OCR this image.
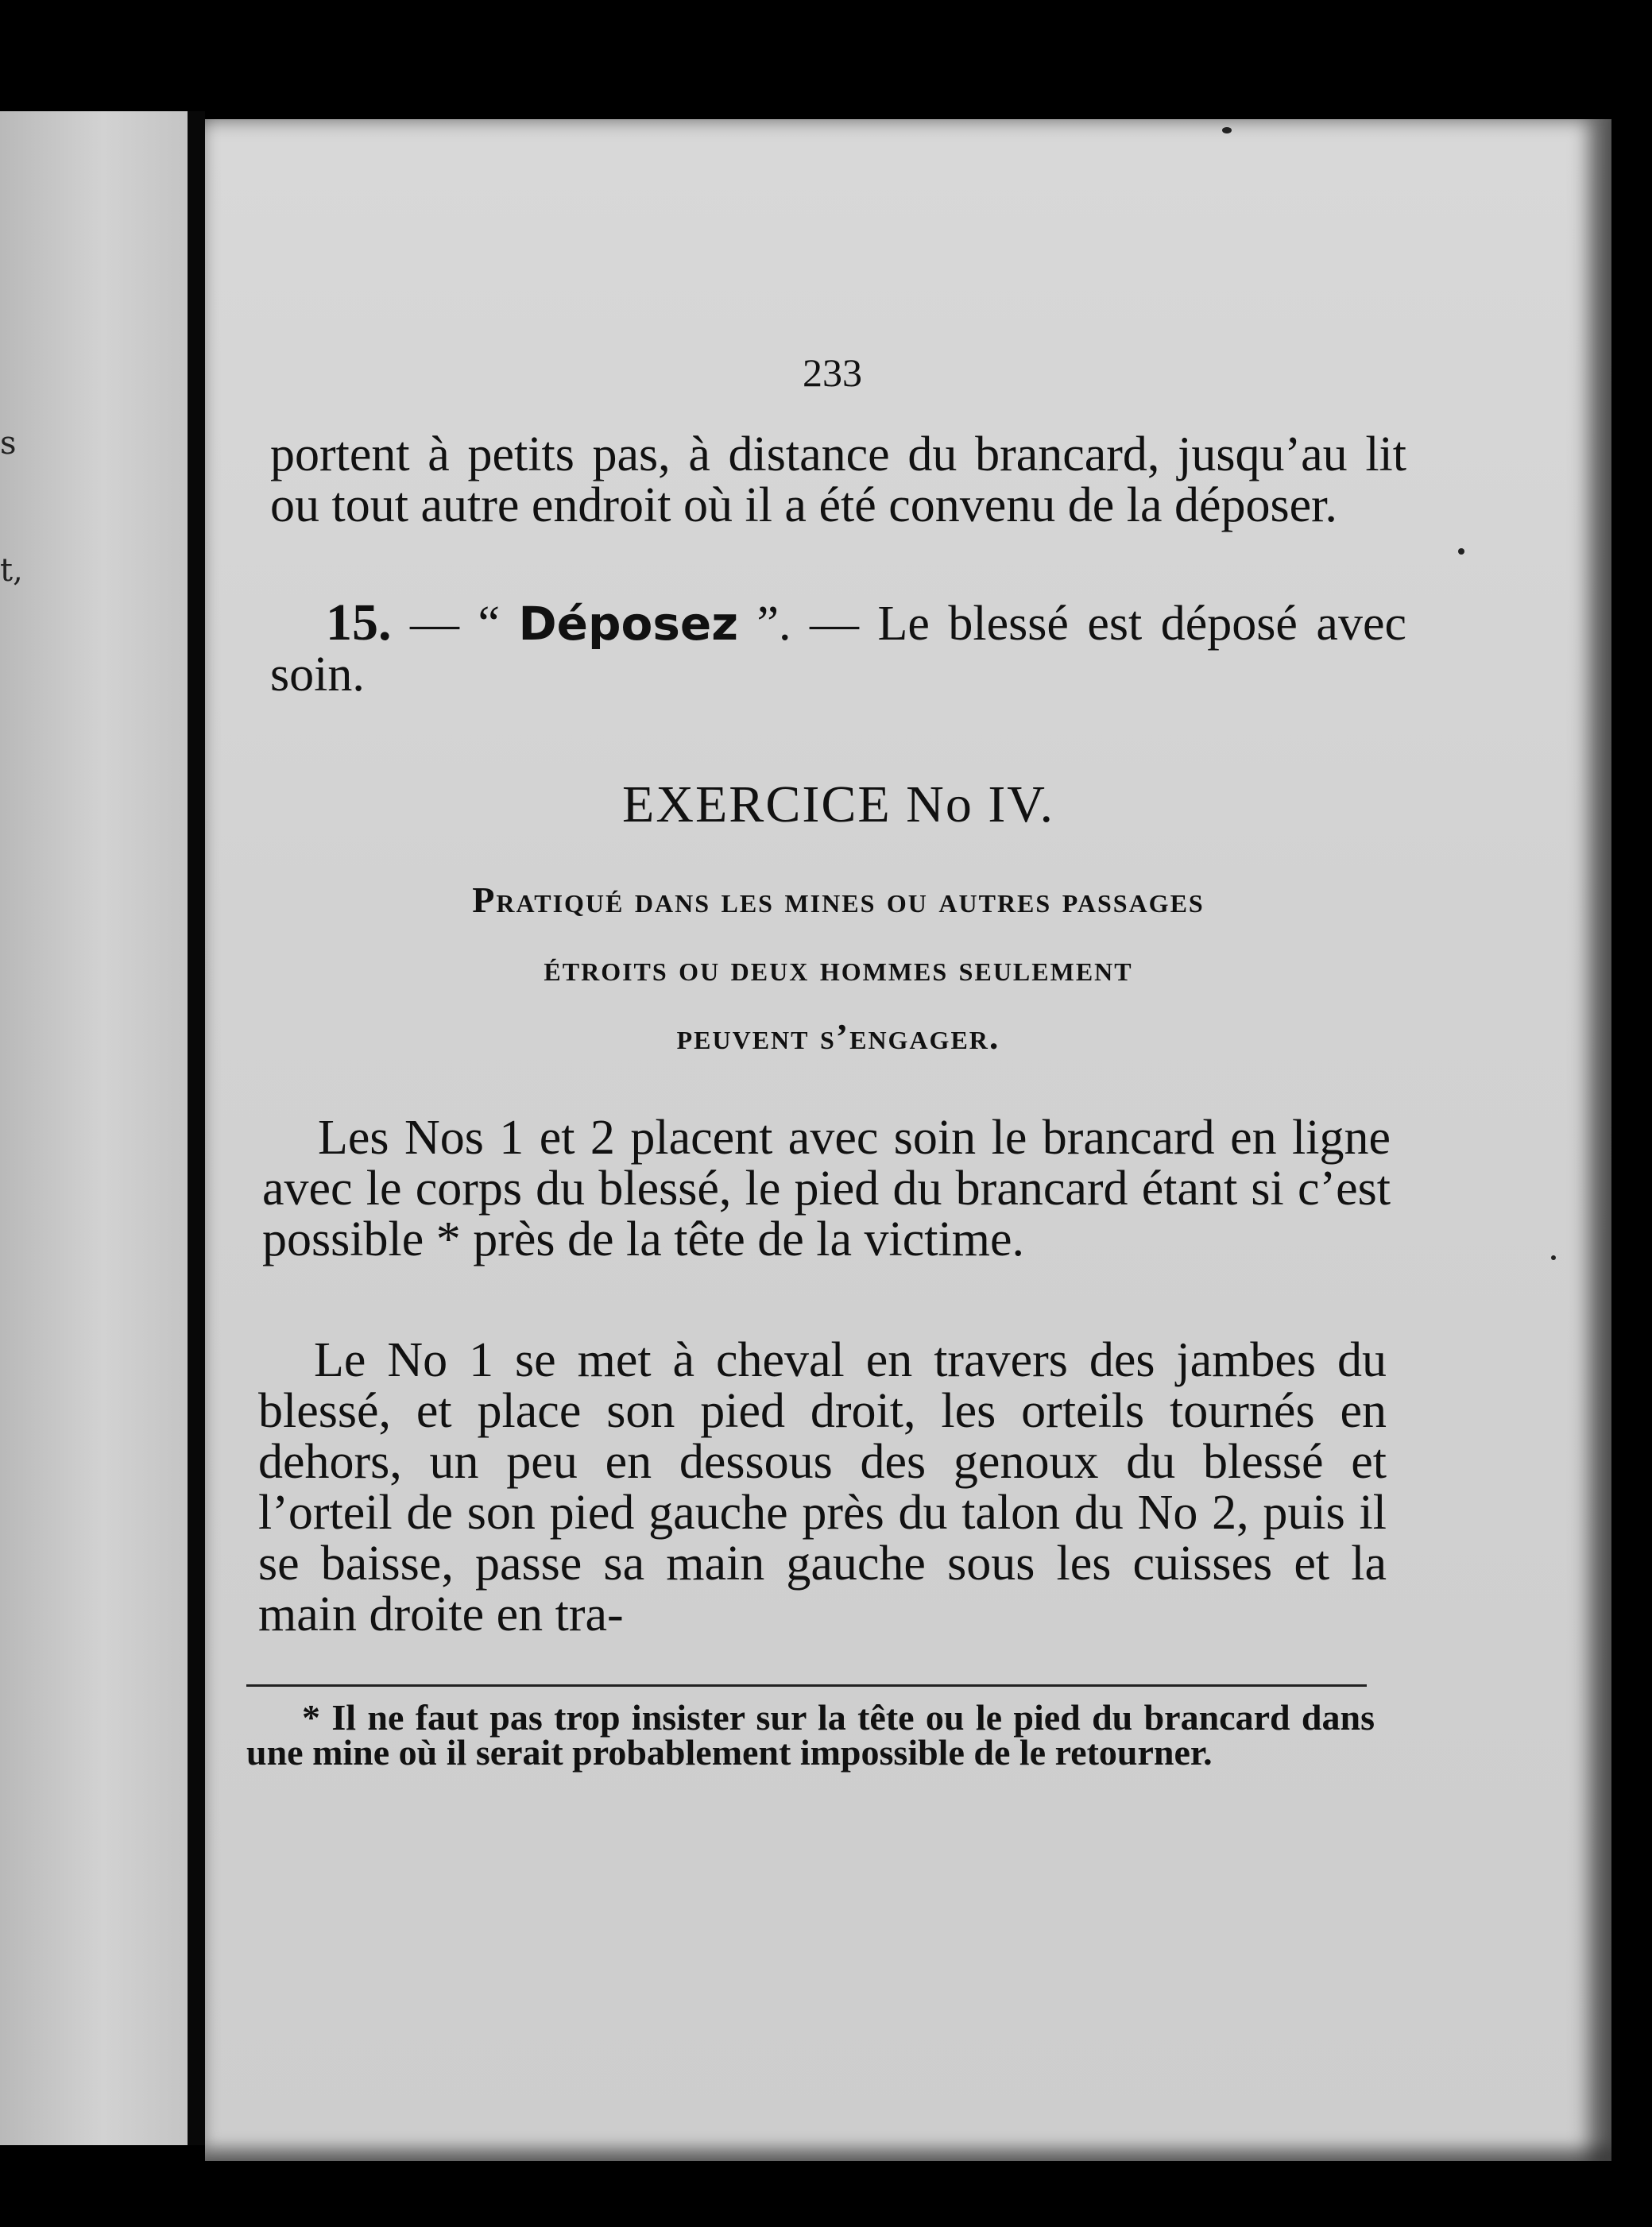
s
t,
233

portent à petits pas, à distance du brancard, jusqu’au lit ou tout autre endroit où il a été convenu de la déposer.

15. — “ Déposez ”. — Le blessé est déposé avec soin.

EXERCICE No IV.
Pratiqué dans les mines ou autres passages
étroits ou deux hommes seulement
peuvent s’engager.

Les Nos 1 et 2 placent avec soin le brancard en ligne avec le corps du blessé, le pied du brancard étant si c’est possible * près de la tête de la victime.

Le No 1 se met à cheval en travers des jambes du blessé, et place son pied droit, les orteils tournés en dehors, un peu en dessous des genoux du blessé et l’orteil de son pied gauche près du talon du No 2, puis il se baisse, passe sa main gauche sous les cuisses et la main droite en tra-

* Il ne faut pas trop insister sur la tête ou le pied du brancard dans une mine où il serait probablement impossible de le retourner.
